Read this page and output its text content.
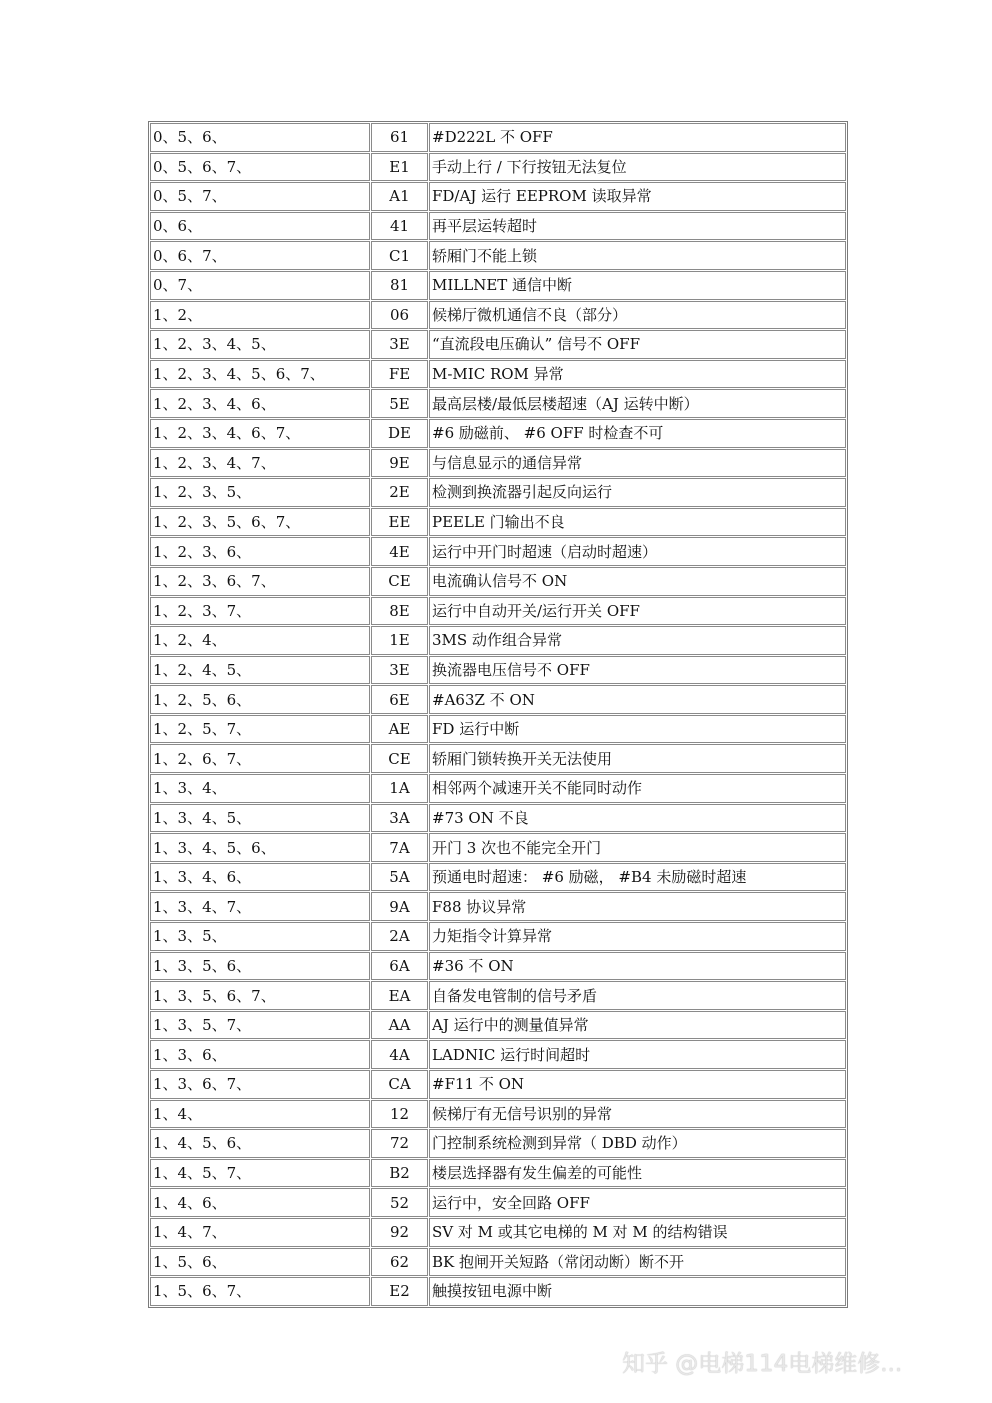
0、5、6、	61	#D222L 不 OFF
0、5、6、7、	E1	手动上行 / 下行按钮无法复位
0、5、7、	A1	FD/AJ 运行 EEPROM 读取异常
0、6、	41	再平层运转超时
0、6、7、	C1	轿厢门不能上锁
0、7、	81	MILLNET 通信中断
1、2、	06	候梯厅微机通信不良（部分）
1、2、3、4、5、	3E	“直流段电压确认” 信号不 OFF
1、2、3、4、5、6、7、	FE	M-MIC ROM 异常
1、2、3、4、6、	5E	最高层楼/最低层楼超速（AJ 运转中断）
1、2、3、4、6、7、	DE	#6 励磁前、 #6 OFF 时检查不可
1、2、3、4、7、	9E	与信息显示的通信异常
1、2、3、5、	2E	检测到换流器引起反向运行
1、2、3、5、6、7、	EE	PEELE 门输出不良
1、2、3、6、	4E	运行中开门时超速（启动时超速）
1、2、3、6、7、	CE	电流确认信号不 ON
1、2、3、7、	8E	运行中自动开关/运行开关 OFF
1、2、4、	1E	3MS 动作组合异常
1、2、4、5、	3E	换流器电压信号不 OFF
1、2、5、6、	6E	#A63Z 不 ON
1、2、5、7、	AE	FD 运行中断
1、2、6、7、	CE	轿厢门锁转换开关无法使用
1、3、4、	1A	相邻两个减速开关不能同时动作
1、3、4、5、	3A	#73 ON 不良
1、3、4、5、6、	7A	开门 3 次也不能完全开门
1、3、4、6、	5A	预通电时超速： #6 励磁， #B4 未励磁时超速
1、3、4、7、	9A	F88 协议异常
1、3、5、	2A	力矩指令计算异常
1、3、5、6、	6A	#36 不 ON
1、3、5、6、7、	EA	自备发电管制的信号矛盾
1、3、5、7、	AA	AJ 运行中的测量值异常
1、3、6、	4A	LADNIC 运行时间超时
1、3、6、7、	CA	#F11 不 ON
1、4、	12	候梯厅有无信号识别的异常
1、4、5、6、	72	门控制系统检测到异常（ DBD 动作）
1、4、5、7、	B2	楼层选择器有发生偏差的可能性
1、4、6、	52	运行中，安全回路 OFF
1、4、7、	92	SV 对 M 或其它电梯的 M 对 M 的结构错误
1、5、6、	62	BK 抱闸开关短路（常闭动断）断不开
1、5、6、7、	E2	触摸按钮电源中断
知乎 @电梯114电梯维修...
